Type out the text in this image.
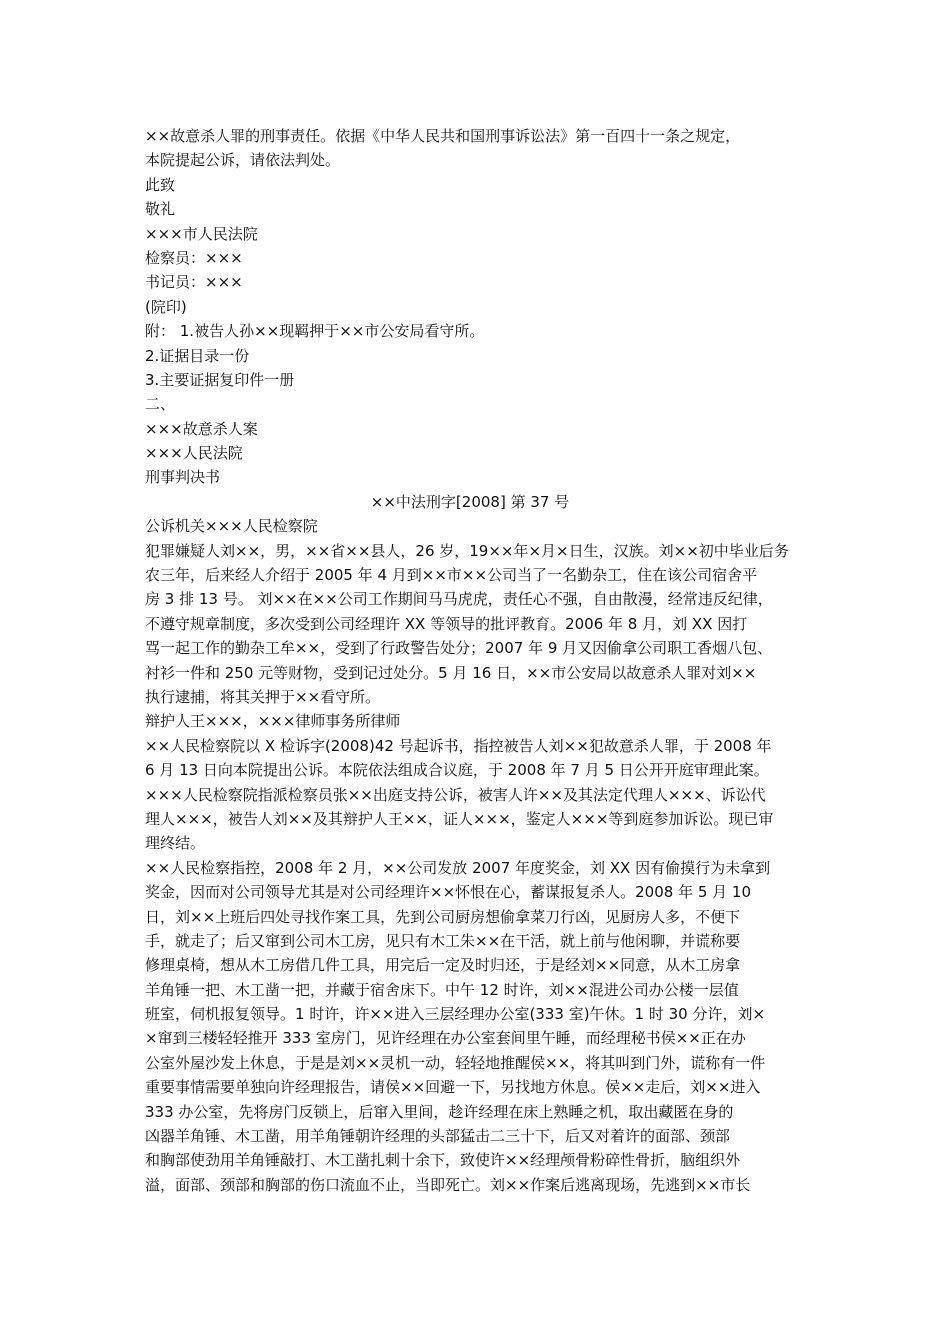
××故意杀人罪的刑事责任。依据《中华人民共和国刑事诉讼法》第一百四十一条之规定，
本院提起公诉，请依法判处。
此致
敬礼
×××市人民法院
检察员：×××
书记员：×××
(院印)
附： 1.被告人孙××现羁押于××市公安局看守所。
2.证据目录一份
3.主要证据复印件一册
二、
×××故意杀人案
×××人民法院
刑事判决书
××中法刑字[2008] 第 37 号
公诉机关×××人民检察院
犯罪嫌疑人刘××，男，××省××县人，26 岁，19××年×月×日生，汉族。刘××初中毕业后务
农三年，后来经人介绍于 2005 年 4 月到××市××公司当了一名勤杂工，住在该公司宿舍平
房 3 排 13 号。 刘××在××公司工作期间马马虎虎，责任心不强，自由散漫，经常违反纪律，
不遵守规章制度，多次受到公司经理许 XX 等领导的批评教育。2006 年 8 月，刘 XX 因打
骂一起工作的勤杂工牟××，受到了行政警告处分；2007 年 9 月又因偷拿公司职工香烟八包、
衬衫一件和 250 元等财物，受到记过处分。5 月 16 日，××市公安局以故意杀人罪对刘××
执行逮捕，将其关押于××看守所。
辩护人王×××，×××律师事务所律师
××人民检察院以 X 检诉字(2008)42 号起诉书，指控被告人刘××犯故意杀人罪，于 2008 年
6 月 13 日向本院提出公诉。本院依法组成合议庭，于 2008 年 7 月 5 日公开开庭审理此案。
×××人民检察院指派检察员张××出庭支持公诉，被害人许××及其法定代理人×××、诉讼代
理人×××，被告人刘××及其辩护人王××，证人×××，鉴定人×××等到庭参加诉讼。现已审
理终结。
××人民检察指控，2008 年 2 月，××公司发放 2007 年度奖金，刘 XX 因有偷摸行为未拿到
奖金，因而对公司领导尤其是对公司经理许××怀恨在心，蓄谋报复杀人。2008 年 5 月 10
日，刘××上班后四处寻找作案工具，先到公司厨房想偷拿菜刀行凶，见厨房人多，不便下
手，就走了；后又窜到公司木工房，见只有木工朱××在干活，就上前与他闲聊，并谎称要
修理桌椅，想从木工房借几件工具，用完后一定及时归还，于是经刘××同意，从木工房拿
羊角锤一把、木工凿一把，并藏于宿舍床下。中午 12 时许，刘××混进公司办公楼一层值
班室，伺机报复领导。1 时许，许××进入三层经理办公室(333 室)午休。1 时 30 分许，刘×
×窜到三楼轻轻推开 333 室房门，见许经理在办公室套间里午睡，而经理秘书侯××正在办
公室外屋沙发上休息，于是是刘××灵机一动，轻轻地推醒侯××，将其叫到门外，谎称有一件
重要事情需要单独向许经理报告，请侯××回避一下，另找地方休息。侯××走后，刘××进入
333 办公室，先将房门反锁上，后窜入里间，趁许经理在床上熟睡之机，取出藏匿在身的
凶器羊角锤、木工凿，用羊角锤朝许经理的头部猛击二三十下，后又对着许的面部、颈部
和胸部使劲用羊角锤敲打、木工凿扎刺十余下，致使许××经理颅骨粉碎性骨折，脑组织外
溢，面部、颈部和胸部的伤口流血不止，当即死亡。刘××作案后逃离现场，先逃到××市长
